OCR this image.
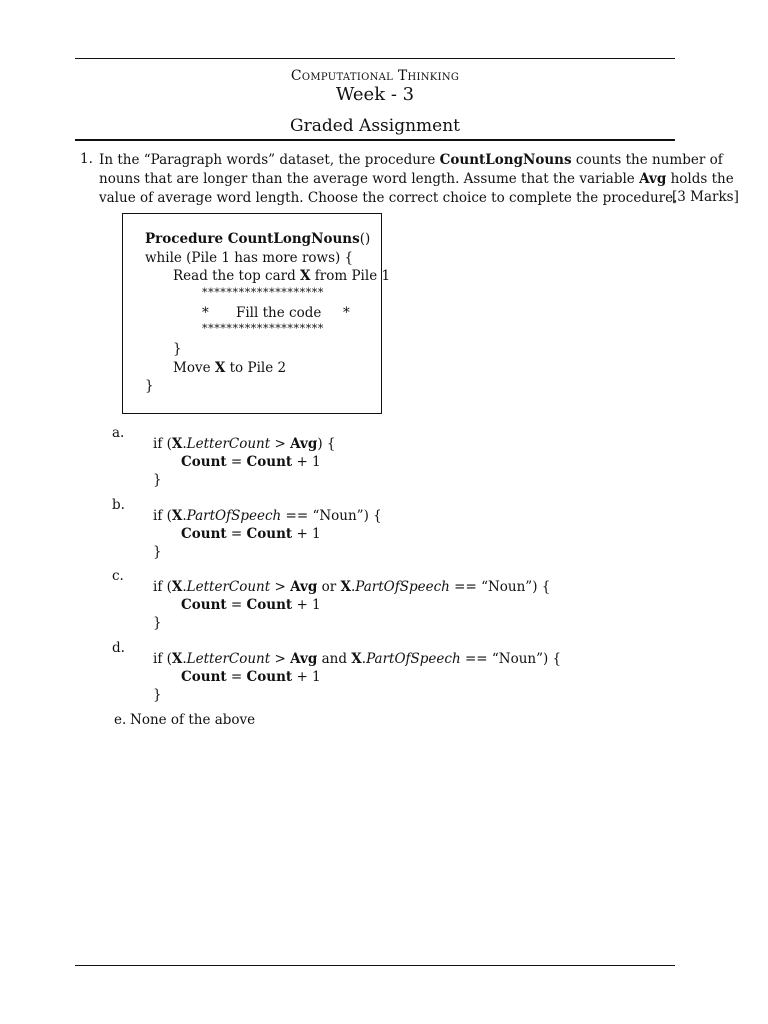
Computational Thinking
Week - 3
Graded Assignment
1. In the “Paragraph words” dataset, the procedure CountLongNouns counts the number of
nouns that are longer than the average word length. Assume that the variable Avg holds the
value of average word length. Choose the correct choice to complete the procedure.
[3 Marks]
Procedure CountLongNouns()
while (Pile 1 has more rows) {
Read the top card X from Pile 1
********************
* Fill the code *
********************
}
Move X to Pile 2
}
a.
if (X.LetterCount > Avg) {
Count = Count + 1
}
b.
if (X.PartOfSpeech == “Noun”) {
Count = Count + 1
}
c.
if (X.LetterCount > Avg or X.PartOfSpeech == “Noun”) {
Count = Count + 1
}
d.
if (X.LetterCount > Avg and X.PartOfSpeech == “Noun”) {
Count = Count + 1
}
e. None of the above
